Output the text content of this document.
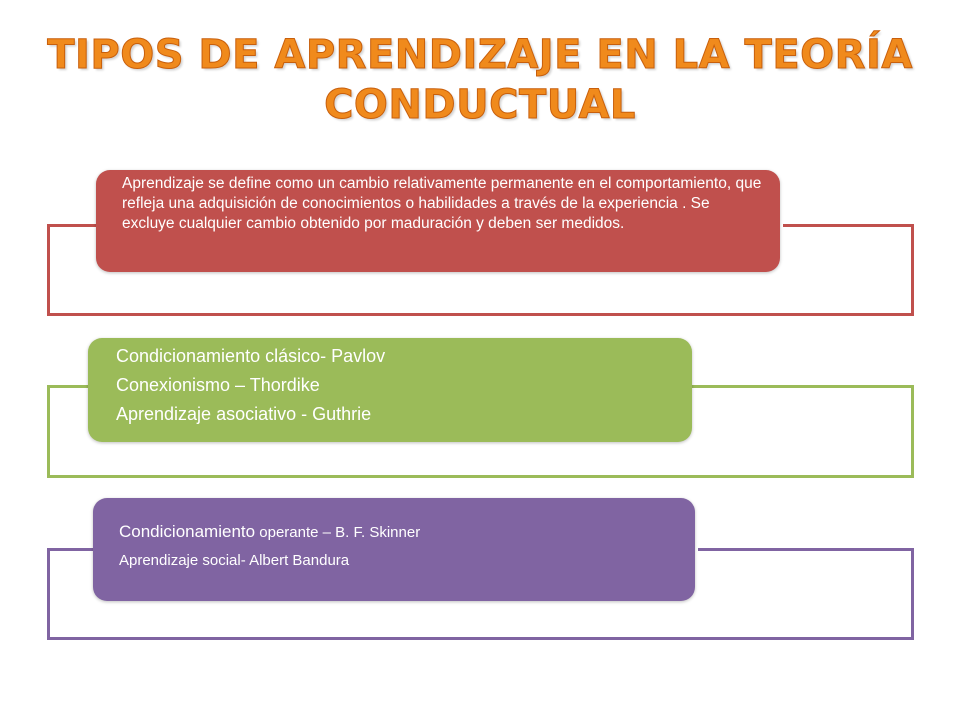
TIPOS DE APRENDIZAJE EN LA TEORÍA
CONDUCTUAL

Aprendizaje se define como un cambio relativamente permanente en el comportamiento, que refleja una adquisición de conocimientos o habilidades a través de la experiencia . Se excluye cualquier cambio obtenido por maduración y deben ser medidos.

Condicionamiento clásico- Pavlov

Conexionismo – Thordike

Aprendizaje asociativo - Guthrie

Condicionamiento operante – B. F. Skinner

Aprendizaje social- Albert Bandura
